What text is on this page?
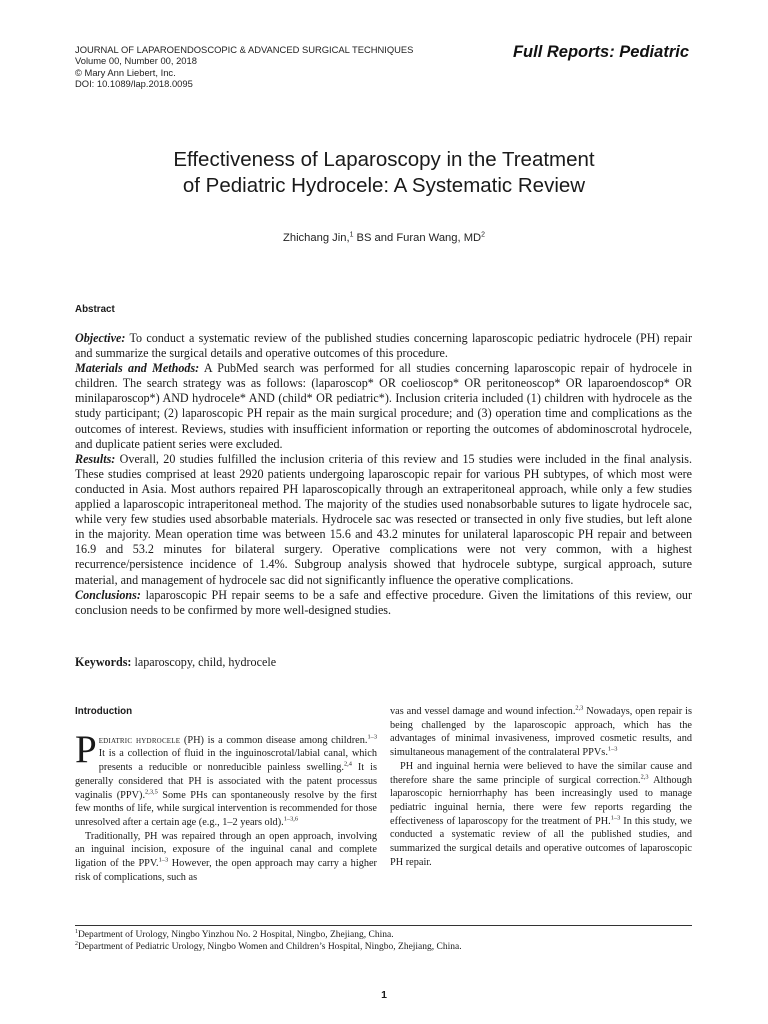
JOURNAL OF LAPAROENDOSCOPIC & ADVANCED SURGICAL TECHNIQUES
Volume 00, Number 00, 2018
© Mary Ann Liebert, Inc.
DOI: 10.1089/lap.2018.0095
Full Reports: Pediatric
Effectiveness of Laparoscopy in the Treatment
of Pediatric Hydrocele: A Systematic Review
Zhichang Jin,$^1$ BS and Furan Wang, $MD^2$
Abstract

Objective: To conduct a systematic review of the published studies concerning laparoscopic pediatric hydrocele (PH) repair and summarize the surgical details and operative outcomes of this procedure.

Materials and Methods: A PubMed search was performed for all studies concerning laparoscopic repair of hydrocele in children. The search strategy was as follows: (laparoscop* OR coelioscop* OR peritoneoscop* OR laparoendoscop* OR minilaparoscop*) AND hydrocele* AND (child* OR pediatric*). Inclusion criteria included (1) children with hydrocele as the study participant; (2) laparoscopic PH repair as the main surgical procedure; and (3) operation time and complications as the outcomes of interest. Reviews, studies with insufficient information or reporting the outcomes of abdominoscrotal hydrocele, and duplicate patient series were excluded.

Results: Overall, 20 studies fulfilled the inclusion criteria of this review and 15 studies were included in the final analysis. These studies comprised at least 2920 patients undergoing laparoscopic repair for various PH subtypes, of which most were conducted in Asia. Most authors repaired PH laparoscopically through an extraperitoneal approach, while only a few studies applied a laparoscopic intraperitoneal method. The majority of the studies used nonabsorbable sutures to ligate hydrocele sac, while very few studies used absorbable materials. Hydrocele sac was resected or transected in only five studies, but left alone in the majority. Mean operation time was between 15.6 and 43.2 minutes for unilateral laparoscopic PH repair and between 16.9 and 53.2 minutes for bilateral surgery. Operative complications were not very common, with a highest recurrence/persistence incidence of 1.4%. Subgroup analysis showed that hydrocele subtype, surgical approach, suture material, and management of hydrocele sac did not significantly influence the operative complications.

Conclusions: laparoscopic PH repair seems to be a safe and effective procedure. Given the limitations of this review, our conclusion needs to be confirmed by more well-designed studies.

Keywords: laparoscopy, child, hydrocele
Introduction

Pediatric hydrocele (PH) is a common disease among children.$^{1-3}$ It is a collection of fluid in the inguinoscrotal/labial canal, which presents a reducible or nonreducible painless swelling.$^{2,4}$ It is generally considered that PH is associated with the patent processus vaginalis (PPV).$^{2,3,5}$ Some PHs can spontaneously resolve by the first few months of life, while surgical intervention is recommended for those unresolved after a certain age (e.g., 1–2 years old).$^{1-3,6}$

Traditionally, PH was repaired through an open approach, involving an inguinal incision, exposure of the inguinal canal and complete ligation of the PPV.$^{1-3}$ However, the open approach may carry a higher risk of complications, such as

vas and vessel damage and wound infection.$^{2,3}$ Nowadays, open repair is being challenged by the laparoscopic approach, which has the advantages of minimal invasiveness, improved cosmetic results, and simultaneous management of the contralateral PPVs.$^{1-3}$

PH and inguinal hernia were believed to have the similar cause and therefore share the same principle of surgical correction.$^{2,3}$ Although laparoscopic herniorrhaphy has been increasingly used to manage pediatric inguinal hernia, there were few reports regarding the effectiveness of laparoscopy for the treatment of PH.$^{1-3}$ In this study, we conducted a systematic review of all the published studies, and summarized the surgical details and operative outcomes of laparoscopic PH repair.

$^1$Department of Urology, Ningbo Yinzhou No. 2 Hospital, Ningbo, Zhejiang, China.
$^2$Department of Pediatric Urology, Ningbo Women and Children’s Hospital, Ningbo, Zhejiang, China.
1
